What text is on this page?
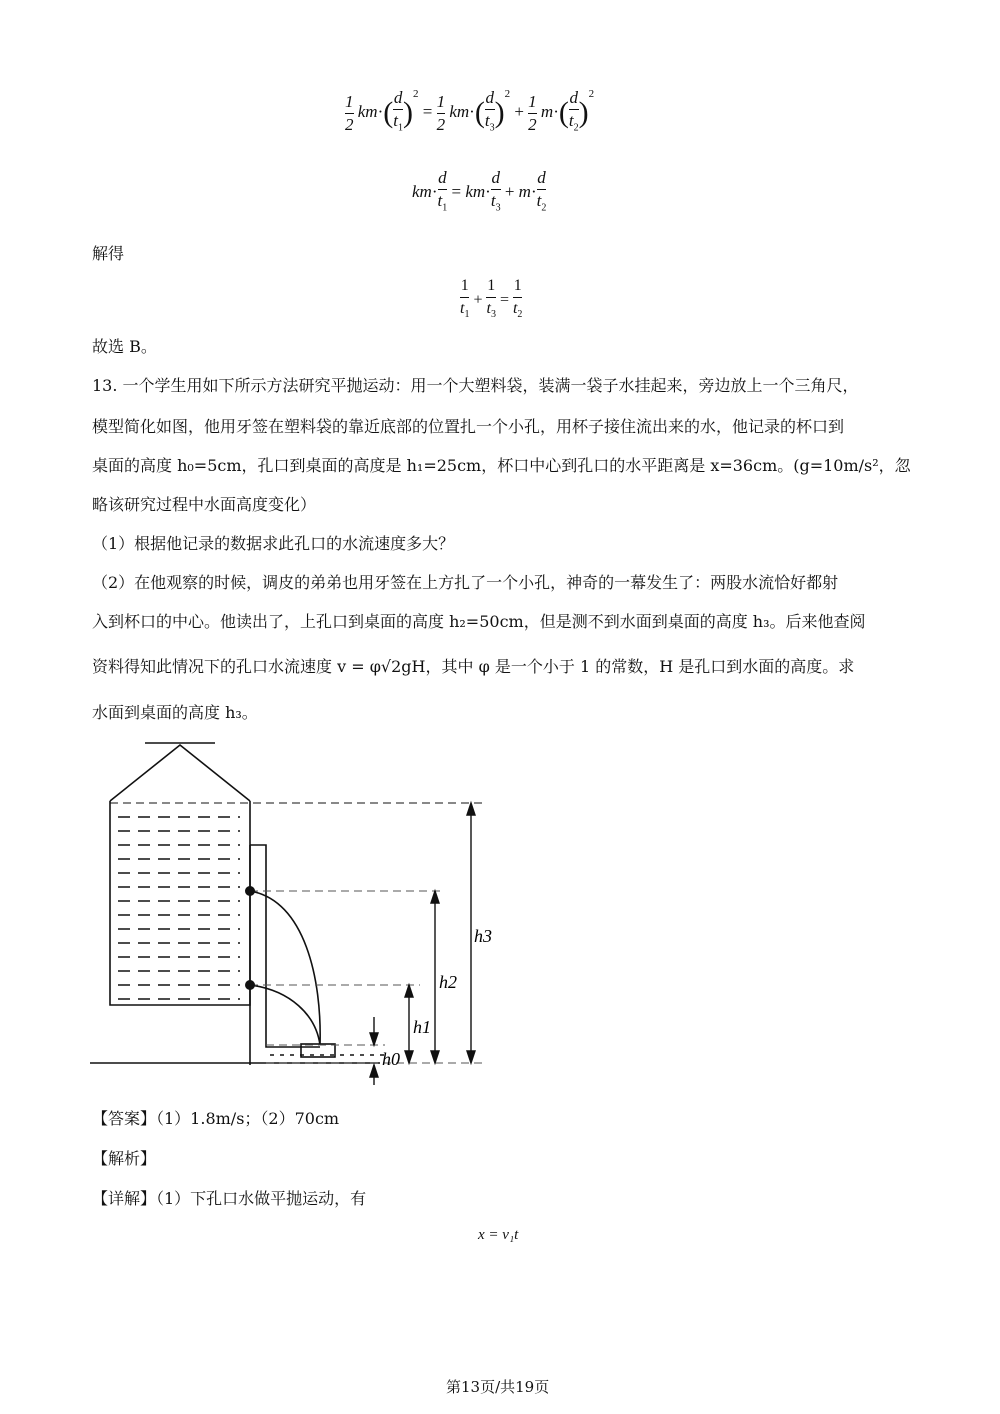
$\frac{1}{2} km\cdot( \frac{d}{t_1} )^2 = \frac{1}{2} km\cdot( \frac{d}{t_3} )^2 + \frac{1}{2} m\cdot( \frac{d}{t_2} )^2$
$km\cdot \frac{d}{t_1} = km\cdot \frac{d}{t_3} + m\cdot \frac{d}{t_2}$
解得
$\frac{1}{t_1} + \frac{1}{t_3} = \frac{1}{t_2}$
故选 B。
13. 一个学生用如下所示方法研究平抛运动：用一个大塑料袋，装满一袋子水挂起来，旁边放上一个三角尺，
模型简化如图，他用牙签在塑料袋的靠近底部的位置扎一个小孔，用杯子接住流出来的水，他记录的杯口到
桌面的高度 h₀=5cm，孔口到桌面的高度是 h₁=25cm，杯口中心到孔口的水平距离是 x=36cm。(g=10m/s²，忽
略该研究过程中水面高度变化）
（1）根据他记录的数据求此孔口的水流速度多大？
（2）在他观察的时候，调皮的弟弟也用牙签在上方扎了一个小孔，神奇的一幕发生了：两股水流恰好都射
入到杯口的中心。他读出了，上孔口到桌面的高度 h₂=50cm，但是测不到水面到桌面的高度 h₃。后来他查阅
资料得知此情况下的孔口水流速度 v = φ√2gH，其中 φ 是一个小于 1 的常数，H 是孔口到水面的高度。求
水面到桌面的高度 h₃。
h3
h2
h1
h0
【答案】（1）1.8m/s；（2）70cm
【解析】
【详解】（1）下孔口水做平抛运动，有
x = v₁t
第13页/共19页
